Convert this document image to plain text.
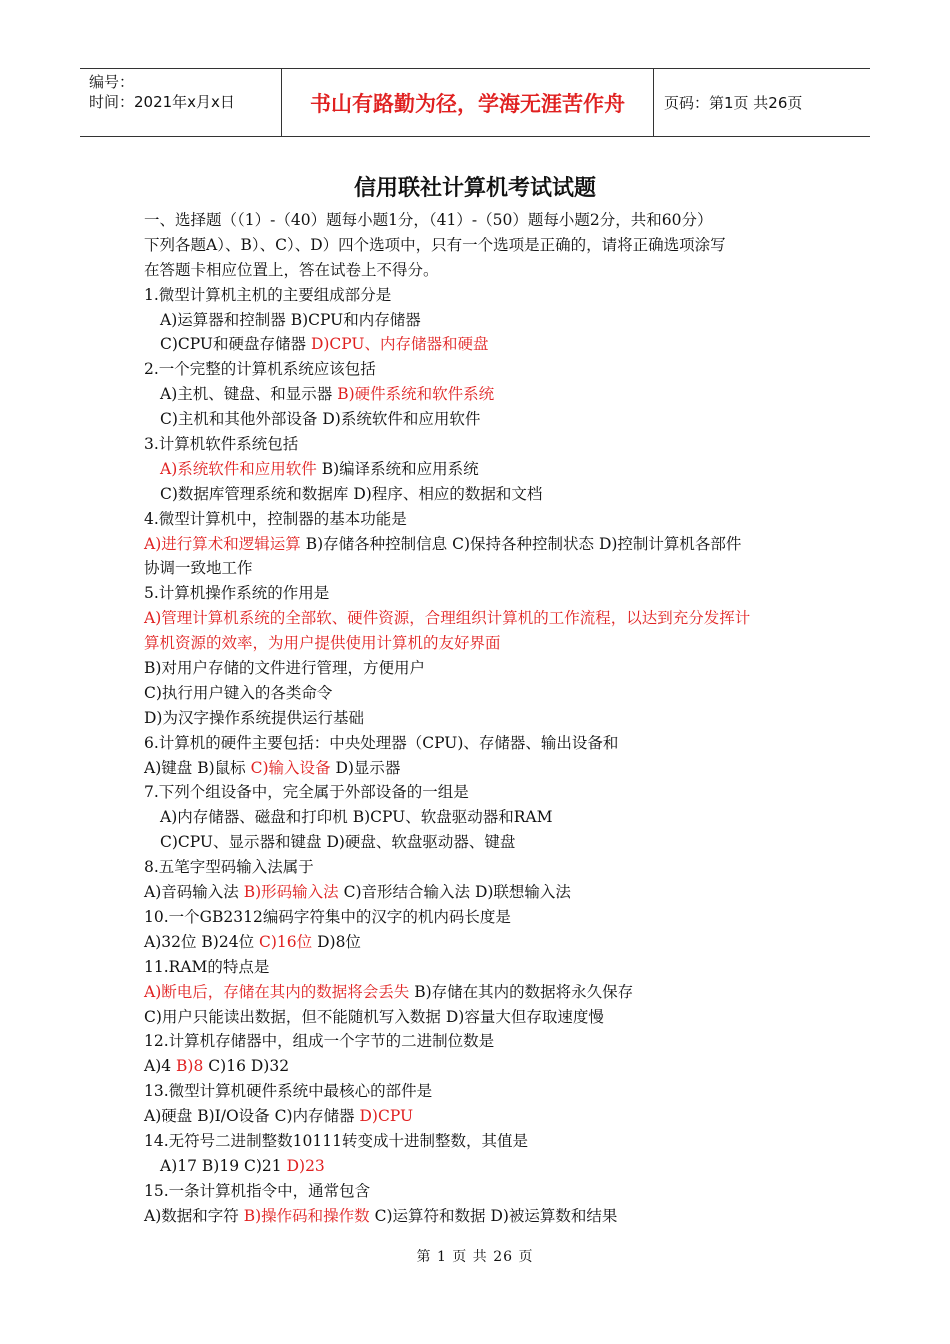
编号：
时间：2021年x月x日	书山有路勤为径，学海无涯苦作舟	页码：第1页 共26页
信用联社计算机考试试题
一、选择题（（1）-（40）题每小题1分，（41）-（50）题每小题2分，共和60分）
下列各题A）、B）、C）、D）四个选项中，只有一个选项是正确的，请将正确选项涂写
在答题卡相应位置上，答在试卷上不得分。
1.微型计算机主机的主要组成部分是
A)运算器和控制器 B)CPU和内存储器
C)CPU和硬盘存储器 D)CPU、内存储器和硬盘
2.一个完整的计算机系统应该包括
A)主机、键盘、和显示器 B)硬件系统和软件系统
C)主机和其他外部设备 D)系统软件和应用软件
3.计算机软件系统包括
A)系统软件和应用软件 B)编译系统和应用系统
C)数据库管理系统和数据库 D)程序、相应的数据和文档
4.微型计算机中，控制器的基本功能是
A)进行算术和逻辑运算 B)存储各种控制信息 C)保持各种控制状态 D)控制计算机各部件
协调一致地工作
5.计算机操作系统的作用是
A)管理计算机系统的全部软、硬件资源，合理组织计算机的工作流程，以达到充分发挥计
算机资源的效率，为用户提供使用计算机的友好界面
B)对用户存储的文件进行管理，方便用户
C)执行用户键入的各类命令
D)为汉字操作系统提供运行基础
6.计算机的硬件主要包括：中央处理器（CPU)、存储器、输出设备和
A)键盘 B)鼠标 C)输入设备 D)显示器
7.下列个组设备中，完全属于外部设备的一组是
A)内存储器、磁盘和打印机 B)CPU、软盘驱动器和RAM
C)CPU、显示器和键盘 D)硬盘、软盘驱动器、键盘
8.五笔字型码输入法属于
A)音码输入法 B)形码输入法 C)音形结合输入法 D)联想输入法
10.一个GB2312编码字符集中的汉字的机内码长度是
A)32位 B)24位 C)16位 D)8位
11.RAM的特点是
A)断电后，存储在其内的数据将会丢失 B)存储在其内的数据将永久保存
C)用户只能读出数据，但不能随机写入数据 D)容量大但存取速度慢
12.计算机存储器中，组成一个字节的二进制位数是
A)4 B)8 C)16 D)32
13.微型计算机硬件系统中最核心的部件是
A)硬盘 B)I/O设备 C)内存储器 D)CPU
14.无符号二进制整数10111转变成十进制整数，其值是
A)17 B)19 C)21 D)23
15.一条计算机指令中，通常包含
A)数据和字符 B)操作码和操作数 C)运算符和数据 D)被运算数和结果
第 1 页 共 26 页
